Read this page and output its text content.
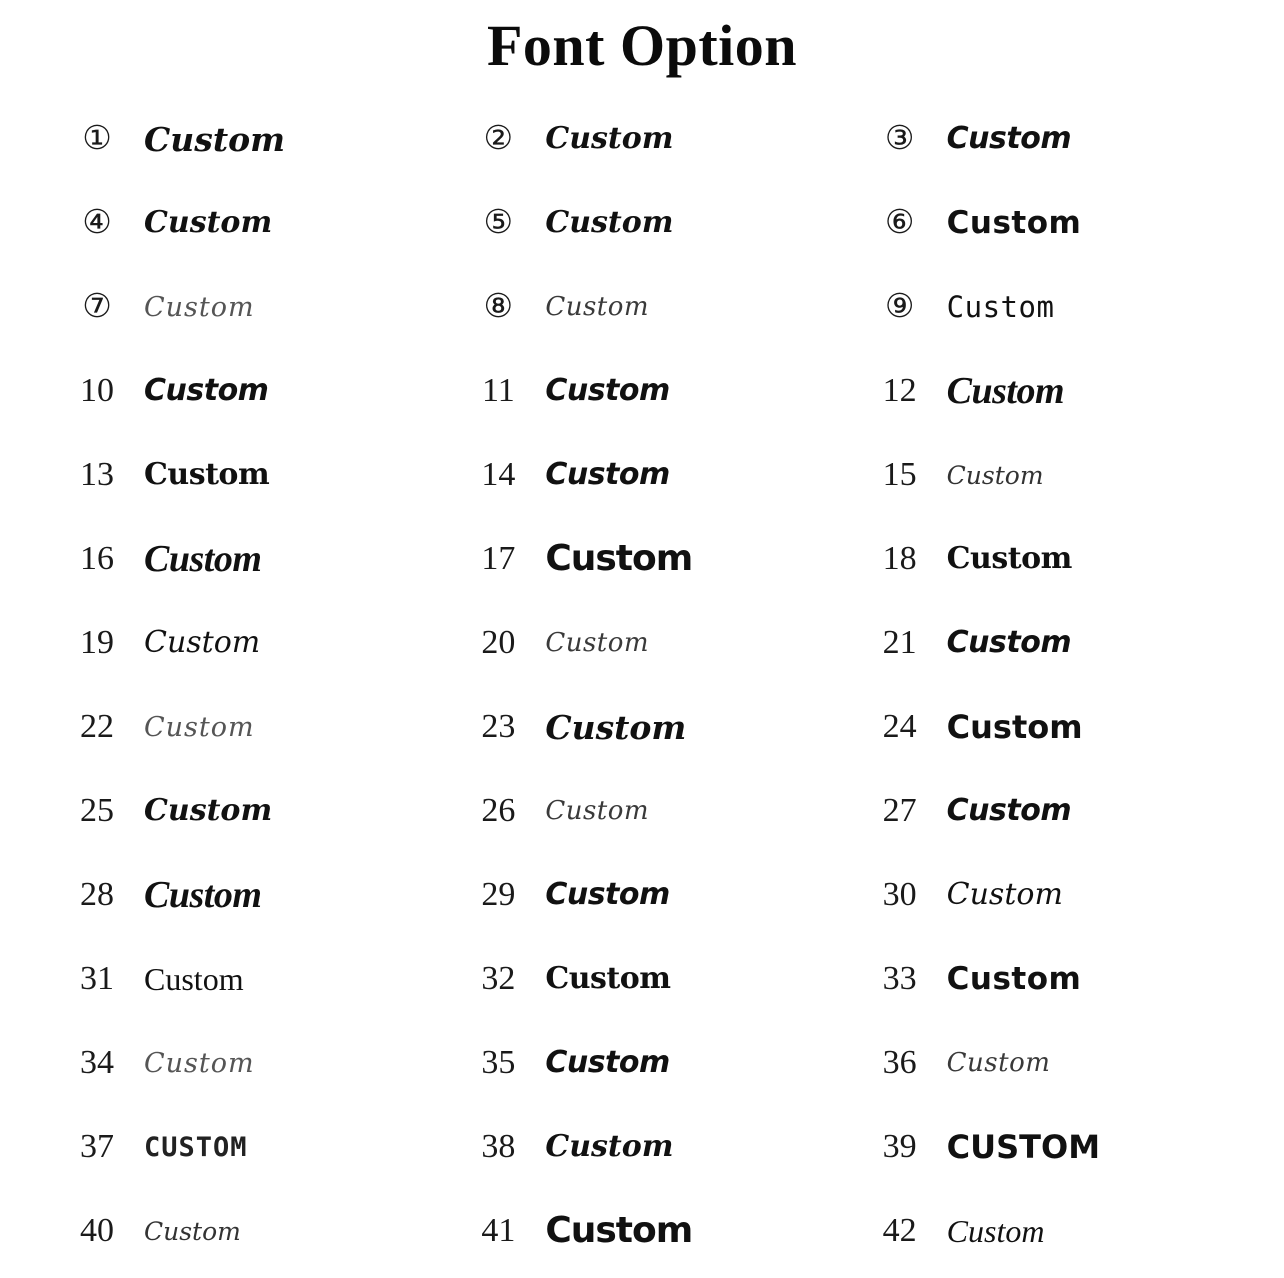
Font Option
① Custom	②	Custom	③	Custom
④	Custom	⑤	Custom	⑥	Custom
⑦	Custom	⑧	Custom	⑨	Custom
10	Custom	11	Custom	12 Custom
13	Custom	14	Custom	15	Custom
16 Custom	17 Custom	18	Custom
19	Custom	20	Custom	21	Custom
22	Custom	23 Custom	24 Custom
25	Custom	26	Custom	27	Custom
28 Custom	29	Custom	30	Custom
31 Custom	32	Custom	33 Custom
34	Custom	35	Custom	36	Custom
37	CUSTOM	38	Custom	39 CUSTOM
40	Custom	41 Custom	42 Custom
